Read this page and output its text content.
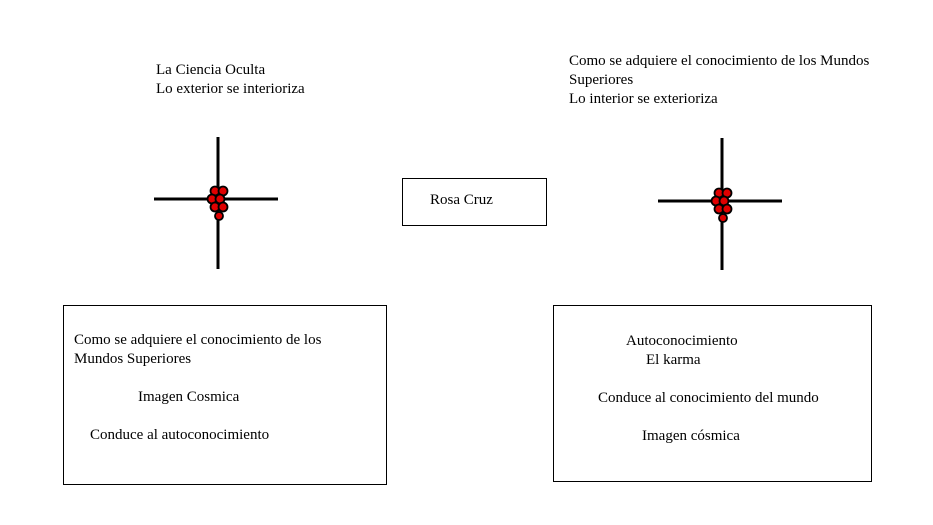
La Ciencia Oculta
Lo exterior se interioriza
Como se adquiere el conocimiento de los Mundos
Superiores
Lo interior se exterioriza
Rosa Cruz
Como se adquiere el conocimiento de los
Mundos Superiores
Imagen Cosmica
Conduce al autoconocimiento
Autoconocimiento
El karma
Conduce al conocimiento del mundo
Imagen cósmica
